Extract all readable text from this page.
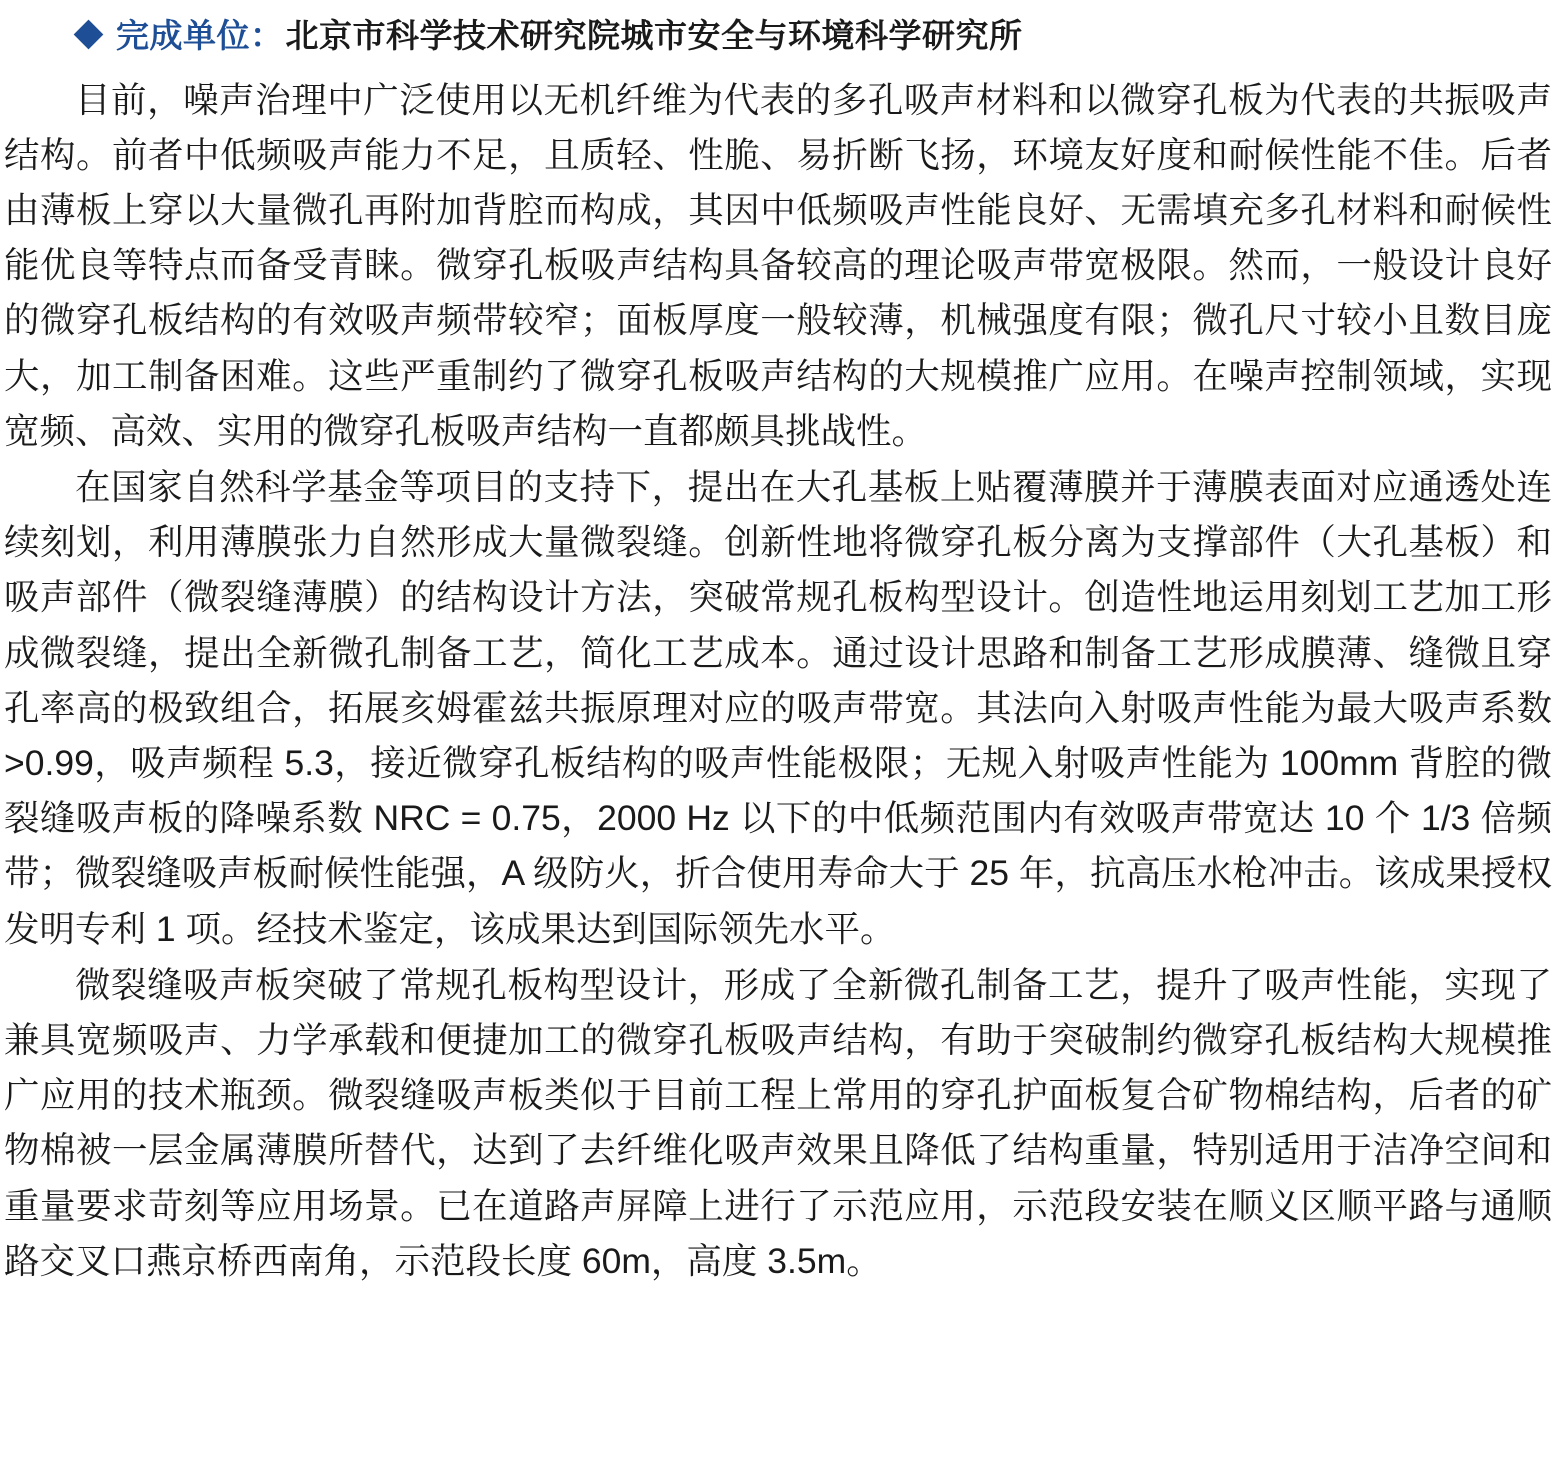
完成单位： 北京市科学技术研究院城市安全与环境科学研究所

目前，噪声治理中广泛使用以无机纤维为代表的多孔吸声材料和以微穿孔板为代表的共振吸声结构。前者中低频吸声能力不足，且质轻、性脆、易折断飞扬，环境友好度和耐候性能不佳。后者由薄板上穿以大量微孔再附加背腔而构成，其因中低频吸声性能良好、无需填充多孔材料和耐候性能优良等特点而备受青睐。微穿孔板吸声结构具备较高的理论吸声带宽极限。然而，一般设计良好的微穿孔板结构的有效吸声频带较窄；面板厚度一般较薄，机械强度有限；微孔尺寸较小且数目庞大，加工制备困难。这些严重制约了微穿孔板吸声结构的大规模推广应用。在噪声控制领域，实现宽频、高效、实用的微穿孔板吸声结构一直都颇具挑战性。

在国家自然科学基金等项目的支持下，提出在大孔基板上贴覆薄膜并于薄膜表面对应通透处连续刻划，利用薄膜张力自然形成大量微裂缝。创新性地将微穿孔板分离为支撑部件（大孔基板）和吸声部件（微裂缝薄膜）的结构设计方法，突破常规孔板构型设计。创造性地运用刻划工艺加工形成微裂缝，提出全新微孔制备工艺，简化工艺成本。通过设计思路和制备工艺形成膜薄、缝微且穿孔率高的极致组合，拓展亥姆霍兹共振原理对应的吸声带宽。其法向入射吸声性能为最大吸声系数 >0.99，吸声频程 5.3，接近微穿孔板结构的吸声性能极限；无规入射吸声性能为 100mm 背腔的微裂缝吸声板的降噪系数 NRC = 0.75，2000 Hz 以下的中低频范围内有效吸声带宽达 10 个 1/3 倍频带；微裂缝吸声板耐候性能强，A 级防火，折合使用寿命大于 25 年，抗高压水枪冲击。该成果授权发明专利 1 项。经技术鉴定，该成果达到国际领先水平。

微裂缝吸声板突破了常规孔板构型设计，形成了全新微孔制备工艺，提升了吸声性能，实现了兼具宽频吸声、力学承载和便捷加工的微穿孔板吸声结构，有助于突破制约微穿孔板结构大规模推广应用的技术瓶颈。微裂缝吸声板类似于目前工程上常用的穿孔护面板复合矿物棉结构，后者的矿物棉被一层金属薄膜所替代，达到了去纤维化吸声效果且降低了结构重量，特别适用于洁净空间和重量要求苛刻等应用场景。已在道路声屏障上进行了示范应用，示范段安装在顺义区顺平路与通顺路交叉口燕京桥西南角，示范段长度 60m，高度 3.5m。
